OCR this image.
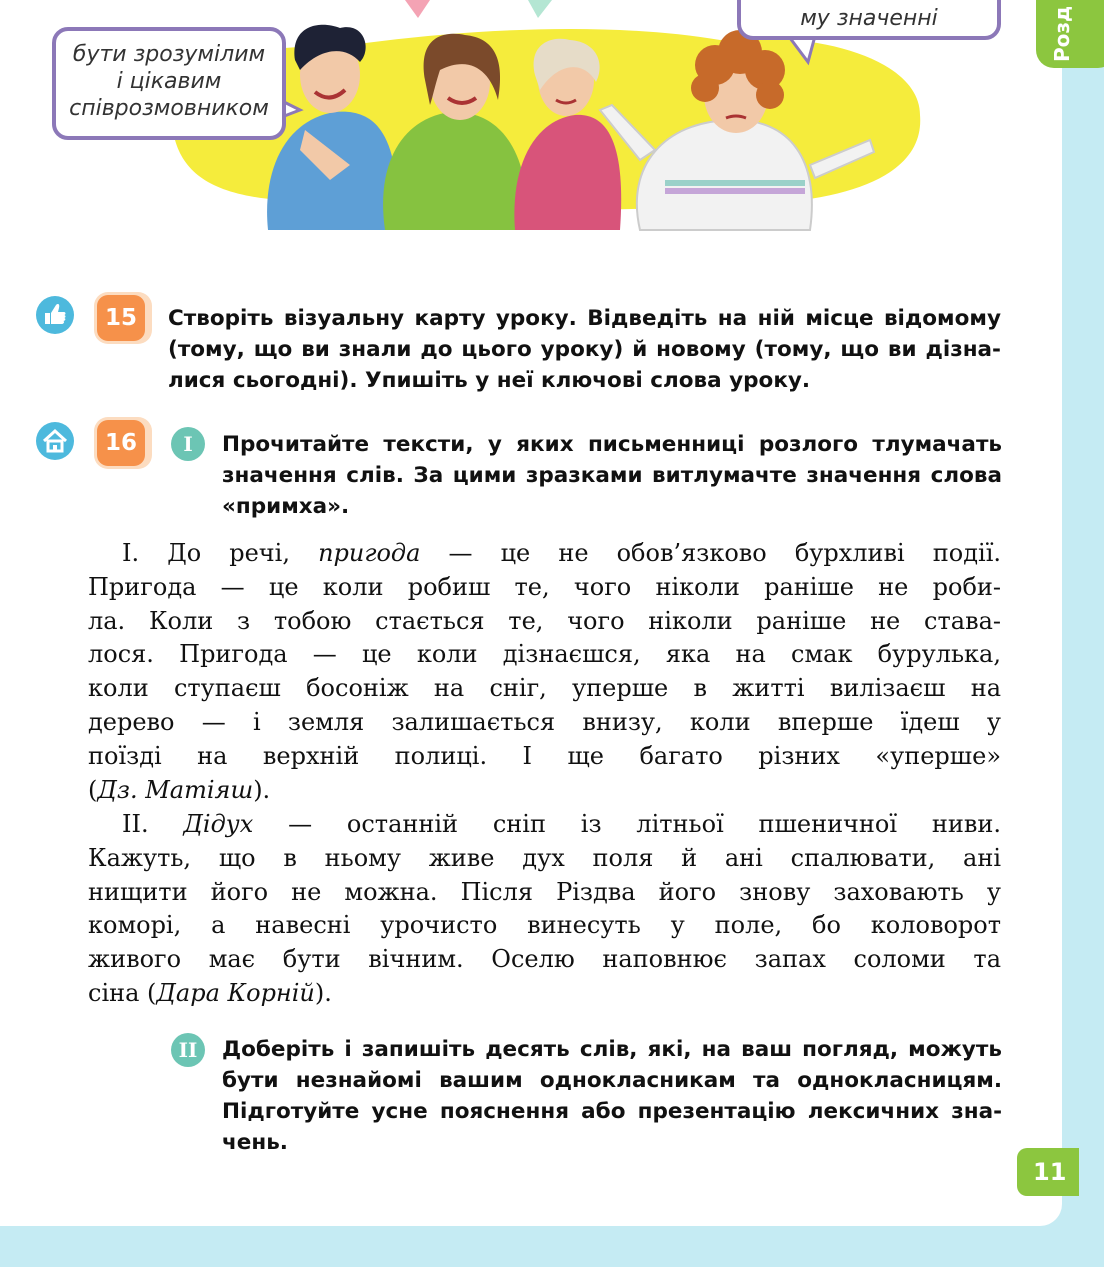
бути зрозумілим
і цікавим
співрозмовником
му значенні
15	Створіть візуальну карту уроку. Відведіть на ній місце відомому
(тому, що ви знали до цього уроку) й новому (тому, що ви дізна-
лися сьогодні). Упишіть у неї ключові слова уроку.
16	I	Прочитайте тексти, у яких письменниці розлого тлумачать
значення слів. За цими зразками витлумачте значення слова
«примха».
I. До речі, пригода — це не обов’язково бурхливі події.
Пригода — це коли робиш те, чого ніколи раніше не роби-
ла. Коли з тобою стається те, чого ніколи раніше не става-
лося. Пригода — це коли дізнаєшся, яка на смак бурулька,
коли ступаєш босоніж на сніг, уперше в житті вилізаєш на
дерево — і земля залишається внизу, коли вперше їдеш у
поїзді на верхній полиці. І ще багато різних «уперше»
(Дз. Матіяш).
II. Дідух — останній сніп із літньої пшеничної ниви.
Кажуть, що в ньому живе дух поля й ані спалювати, ані
нищити його не можна. Після Різдва його знову заховають у
коморі, а навесні урочисто винесуть у поле, бо коловорот
живого має бути вічним. Оселю наповнює запах соломи та
сіна (Дара Корній).
II	Доберіть і запишіть десять слів, які, на ваш погляд, можуть
бути незнайомі вашим однокласникам та однокласницям.
Підготуйте усне пояснення або презентацію лексичних зна-
чень.
Розд
11
